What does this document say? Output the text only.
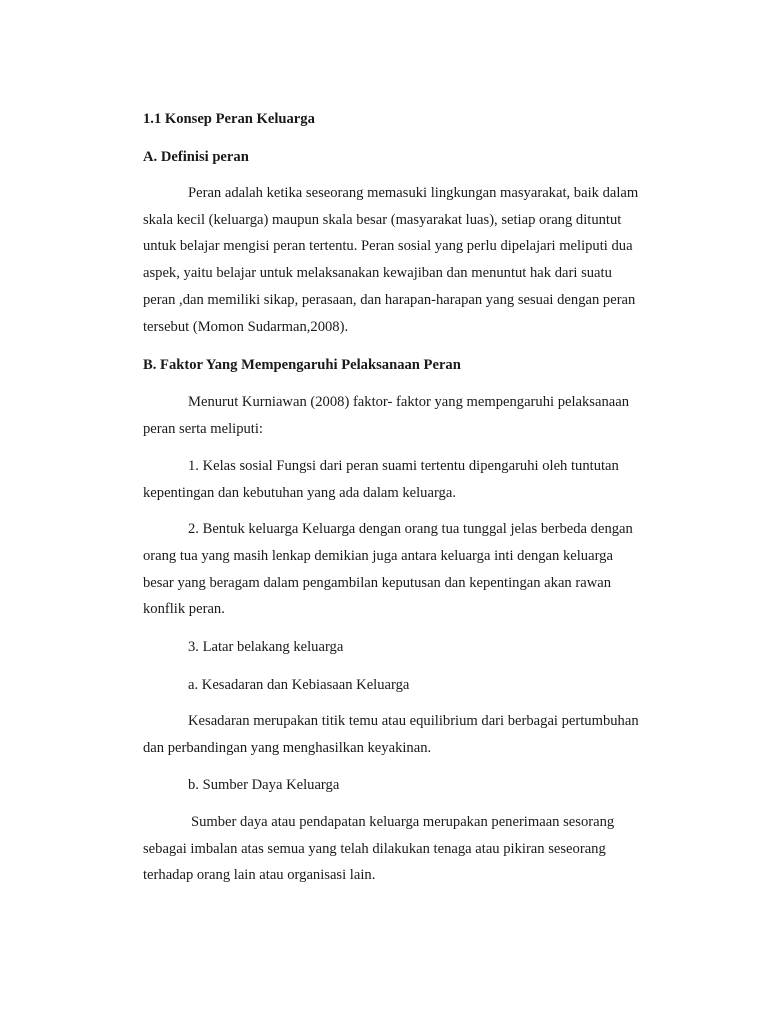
1.1 Konsep Peran Keluarga
A. Definisi peran
Peran adalah ketika seseorang memasuki lingkungan masyarakat, baik dalam
skala kecil (keluarga) maupun skala besar (masyarakat luas), setiap orang dituntut
untuk belajar mengisi peran tertentu. Peran sosial yang perlu dipelajari meliputi dua
aspek, yaitu belajar untuk melaksanakan kewajiban dan menuntut hak dari suatu
peran ,dan memiliki sikap, perasaan, dan harapan-harapan yang sesuai dengan peran
tersebut (Momon Sudarman,2008).
B. Faktor Yang Mempengaruhi Pelaksanaan Peran
Menurut Kurniawan (2008) faktor- faktor yang mempengaruhi pelaksanaan
peran serta meliputi:
1. Kelas sosial Fungsi dari peran suami tertentu dipengaruhi oleh tuntutan
kepentingan dan kebutuhan yang ada dalam keluarga.
2. Bentuk keluarga Keluarga dengan orang tua tunggal jelas berbeda dengan
orang tua yang masih lenkap demikian juga antara keluarga inti dengan keluarga
besar yang beragam dalam pengambilan keputusan dan kepentingan akan rawan
konflik peran.
3. Latar belakang keluarga
a. Kesadaran dan Kebiasaan Keluarga
Kesadaran merupakan titik temu atau equilibrium dari berbagai pertumbuhan
dan perbandingan yang menghasilkan keyakinan.
b. Sumber Daya Keluarga
Sumber daya atau pendapatan keluarga merupakan penerimaan sesorang
sebagai imbalan atas semua yang telah dilakukan tenaga atau pikiran seseorang
terhadap orang lain atau organisasi lain.
